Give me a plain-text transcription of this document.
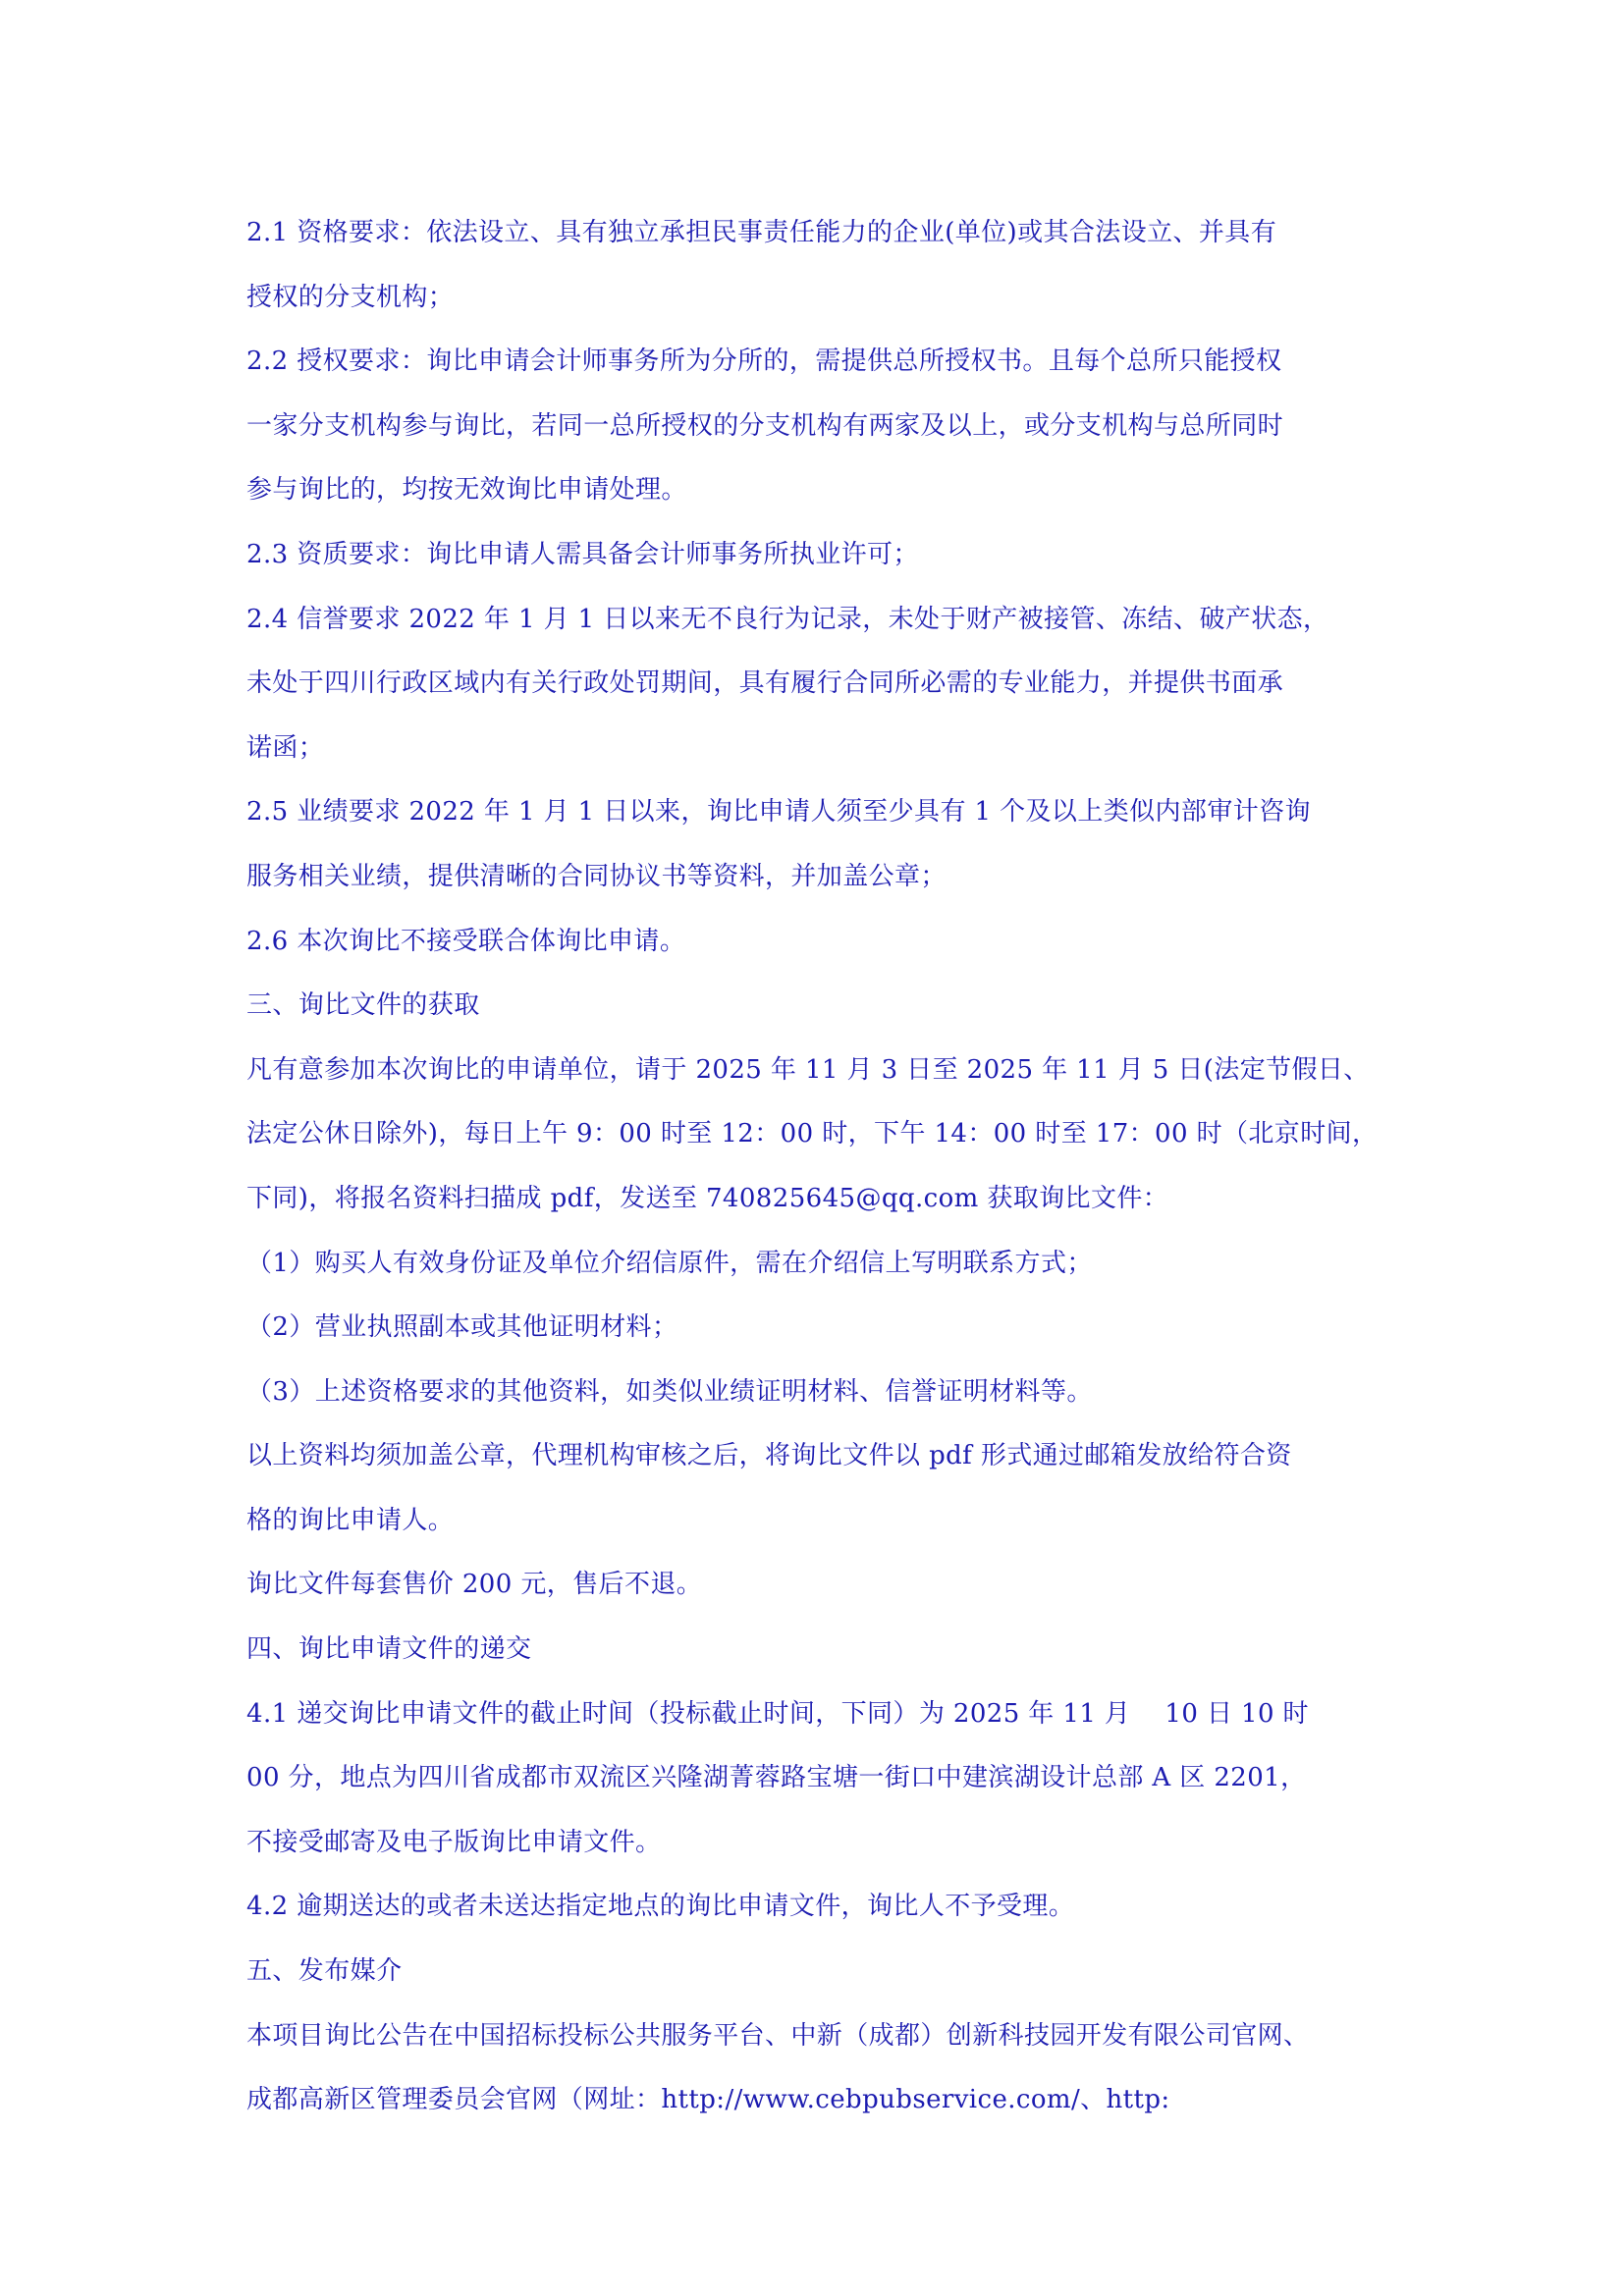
2.1 资格要求：依法设立、具有独立承担民事责任能力的企业(单位)或其合法设立、并具有
授权的分支机构；
2.2 授权要求：询比申请会计师事务所为分所的，需提供总所授权书。且每个总所只能授权
一家分支机构参与询比，若同一总所授权的分支机构有两家及以上，或分支机构与总所同时
参与询比的，均按无效询比申请处理。
2.3 资质要求：询比申请人需具备会计师事务所执业许可；
2.4 信誉要求 2022 年 1 月 1 日以来无不良行为记录，未处于财产被接管、冻结、破产状态，
未处于四川行政区域内有关行政处罚期间，具有履行合同所必需的专业能力，并提供书面承
诺函；
2.5 业绩要求 2022 年 1 月 1 日以来，询比申请人须至少具有 1 个及以上类似内部审计咨询
服务相关业绩，提供清晰的合同协议书等资料，并加盖公章；
2.6 本次询比不接受联合体询比申请。
三、询比文件的获取
凡有意参加本次询比的申请单位，请于 2025 年 11 月 3 日至 2025 年 11 月 5 日(法定节假日、
法定公休日除外)，每日上午 9：00 时至 12：00 时，下午 14：00 时至 17：00 时（北京时间，
下同)，将报名资料扫描成 pdf，发送至 740825645@qq.com 获取询比文件：
（1）购买人有效身份证及单位介绍信原件，需在介绍信上写明联系方式；
（2）营业执照副本或其他证明材料；
（3）上述资格要求的其他资料，如类似业绩证明材料、信誉证明材料等。
以上资料均须加盖公章，代理机构审核之后，将询比文件以 pdf 形式通过邮箱发放给符合资
格的询比申请人。
询比文件每套售价 200 元，售后不退。
四、询比申请文件的递交
4.1 递交询比申请文件的截止时间（投标截止时间，下同）为 2025 年 11 月　 10 日 10 时
00 分，地点为四川省成都市双流区兴隆湖菁蓉路宝塘一街口中建滨湖设计总部 A 区 2201，
不接受邮寄及电子版询比申请文件。
4.2 逾期送达的或者未送达指定地点的询比申请文件，询比人不予受理。
五、发布媒介
本项目询比公告在中国招标投标公共服务平台、中新（成都）创新科技园开发有限公司官网、
成都高新区管理委员会官网（网址：http://www.cebpubservice.com/、http:
